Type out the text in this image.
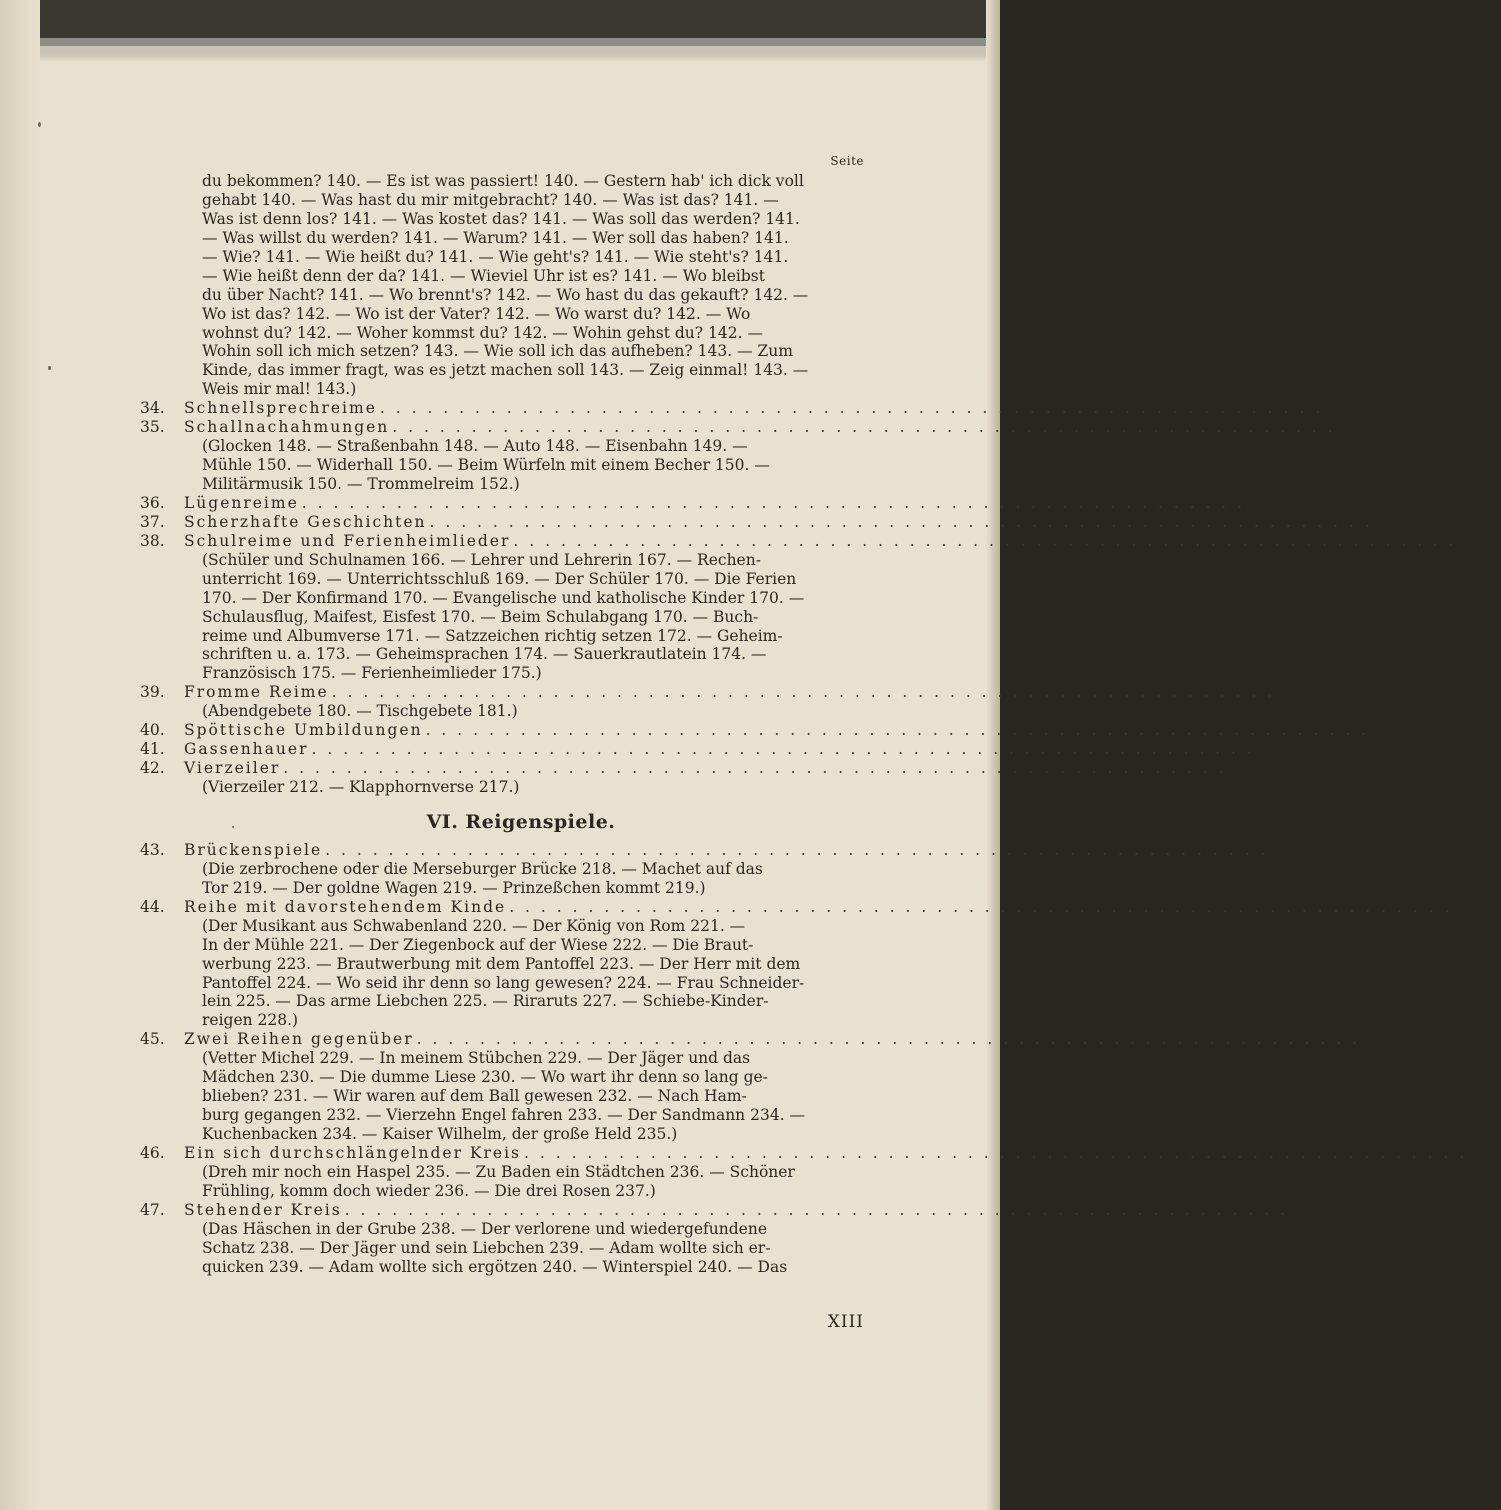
Seite
du bekommen? 140. — Es ist was passiert! 140. — Gestern hab' ich dick voll
gehabt 140. — Was hast du mir mitgebracht? 140. — Was ist das? 141. —
Was ist denn los? 141. — Was kostet das? 141. — Was soll das werden? 141.
— Was willst du werden? 141. — Warum? 141. — Wer soll das haben? 141.
— Wie? 141. — Wie heißt du? 141. — Wie geht's? 141. — Wie steht's? 141.
— Wie heißt denn der da? 141. — Wieviel Uhr ist es? 141. — Wo bleibst
du über Nacht? 141. — Wo brennt's? 142. — Wo hast du das gekauft? 142. —
Wo ist das? 142. — Wo ist der Vater? 142. — Wo warst du? 142. — Wo
wohnst du? 142. — Woher kommst du? 142. — Wohin gehst du? 142. —
Wohin soll ich mich setzen? 143. — Wie soll ich das aufheben? 143. — Zum
Kinde, das immer fragt, was es jetzt machen soll 143. — Zeig einmal! 143. —
Weis mir mal! 143.)
34.	Schnellsprechreime . . . . . . . . . . . . . . . . . . . . . . . . . . . . . . . . . . . . . . . . . . . . . . . . . . . . . . . . . . . . 143
35.	Schallnachahmungen . . . . . . . . . . . . . . . . . . . . . . . . . . . . . . . . . . . . . . . . . . . . . . . . . . . . . . . . . . . . 148
(Glocken 148. — Straßenbahn 148. — Auto 148. — Eisenbahn 149. —
Mühle 150. — Widerhall 150. — Beim Würfeln mit einem Becher 150. —
Militärmusik 150. — Trommelreim 152.)
36.	Lügenreime . . . . . . . . . . . . . . . . . . . . . . . . . . . . . . . . . . . . . . . . . . . . . . . . . . . . . . . . . . . . 153
37.	Scherzhafte Geschichten . . . . . . . . . . . . . . . . . . . . . . . . . . . . . . . . . . . . . . . . . . . . . . . . . . . . . . . . . . . . 159
38.	Schulreime und Ferienheimlieder . . . . . . . . . . . . . . . . . . . . . . . . . . . . . . . . . . . . . . . . . . . . . . . . . . . . . . . . . . . . 166
(Schüler und Schulnamen 166. — Lehrer und Lehrerin 167. — Rechen-
unterricht 169. — Unterrichtsschluß 169. — Der Schüler 170. — Die Ferien
170. — Der Konfirmand 170. — Evangelische und katholische Kinder 170. —
Schulausflug, Maifest, Eisfest 170. — Beim Schulabgang 170. — Buch-
reime und Albumverse 171. — Satzzeichen richtig setzen 172. — Geheim-
schriften u. a. 173. — Geheimsprachen 174. — Sauerkrautlatein 174. —
Französisch 175. — Ferienheimlieder 175.)
39.	Fromme Reime . . . . . . . . . . . . . . . . . . . . . . . . . . . . . . . . . . . . . . . . . . . . . . . . . . . . . . . . . . . . 180
(Abendgebete 180. — Tischgebete 181.)
40.	Spöttische Umbildungen . . . . . . . . . . . . . . . . . . . . . . . . . . . . . . . . . . . . . . . . . . . . . . . . . . . . . . . . . . . . 181
41.	Gassenhauer . . . . . . . . . . . . . . . . . . . . . . . . . . . . . . . . . . . . . . . . . . . . . . . . . . . . . . . . . . . . 188
42.	Vierzeiler . . . . . . . . . . . . . . . . . . . . . . . . . . . . . . . . . . . . . . . . . . . . . . . . . . . . . . . . . . . . 212
(Vierzeiler 212. — Klapphornverse 217.)
VI. Reigenspiele.
43.	Brückenspiele . . . . . . . . . . . . . . . . . . . . . . . . . . . . . . . . . . . . . . . . . . . . . . . . . . . . . . . . . . . . 218
(Die zerbrochene oder die Merseburger Brücke 218. — Machet auf das
Tor 219. — Der goldne Wagen 219. — Prinzeßchen kommt 219.)
44.	Reihe mit davorstehendem Kinde . . . . . . . . . . . . . . . . . . . . . . . . . . . . . . . . . . . . . . . . . . . . . . . . . . . . . . . . . . . . 220
(Der Musikant aus Schwabenland 220. — Der König von Rom 221. —
In der Mühle 221. — Der Ziegenbock auf der Wiese 222. — Die Braut-
werbung 223. — Brautwerbung mit dem Pantoffel 223. — Der Herr mit dem
Pantoffel 224. — Wo seid ihr denn so lang gewesen? 224. — Frau Schneider-
lein 225. — Das arme Liebchen 225. — Riraruts 227. — Schiebe-Kinder-
reigen 228.)
45.	Zwei Reihen gegenüber . . . . . . . . . . . . . . . . . . . . . . . . . . . . . . . . . . . . . . . . . . . . . . . . . . . . . . . . . . . . 229
(Vetter Michel 229. — In meinem Stübchen 229. — Der Jäger und das
Mädchen 230. — Die dumme Liese 230. — Wo wart ihr denn so lang ge-
blieben? 231. — Wir waren auf dem Ball gewesen 232. — Nach Ham-
burg gegangen 232. — Vierzehn Engel fahren 233. — Der Sandmann 234. —
Kuchenbacken 234. — Kaiser Wilhelm, der große Held 235.)
46.	Ein sich durchschlängelnder Kreis . . . . . . . . . . . . . . . . . . . . . . . . . . . . . . . . . . . . . . . . . . . . . . . . . . . . . . . . . . . . 235
(Dreh mir noch ein Haspel 235. — Zu Baden ein Städtchen 236. — Schöner
Frühling, komm doch wieder 236. — Die drei Rosen 237.)
47.	Stehender Kreis . . . . . . . . . . . . . . . . . . . . . . . . . . . . . . . . . . . . . . . . . . . . . . . . . . . . . . . . . . . . 238
(Das Häschen in der Grube 238. — Der verlorene und wiedergefundene
Schatz 238. — Der Jäger und sein Liebchen 239. — Adam wollte sich er-
quicken 239. — Adam wollte sich ergötzen 240. — Winterspiel 240. — Das
XIII
